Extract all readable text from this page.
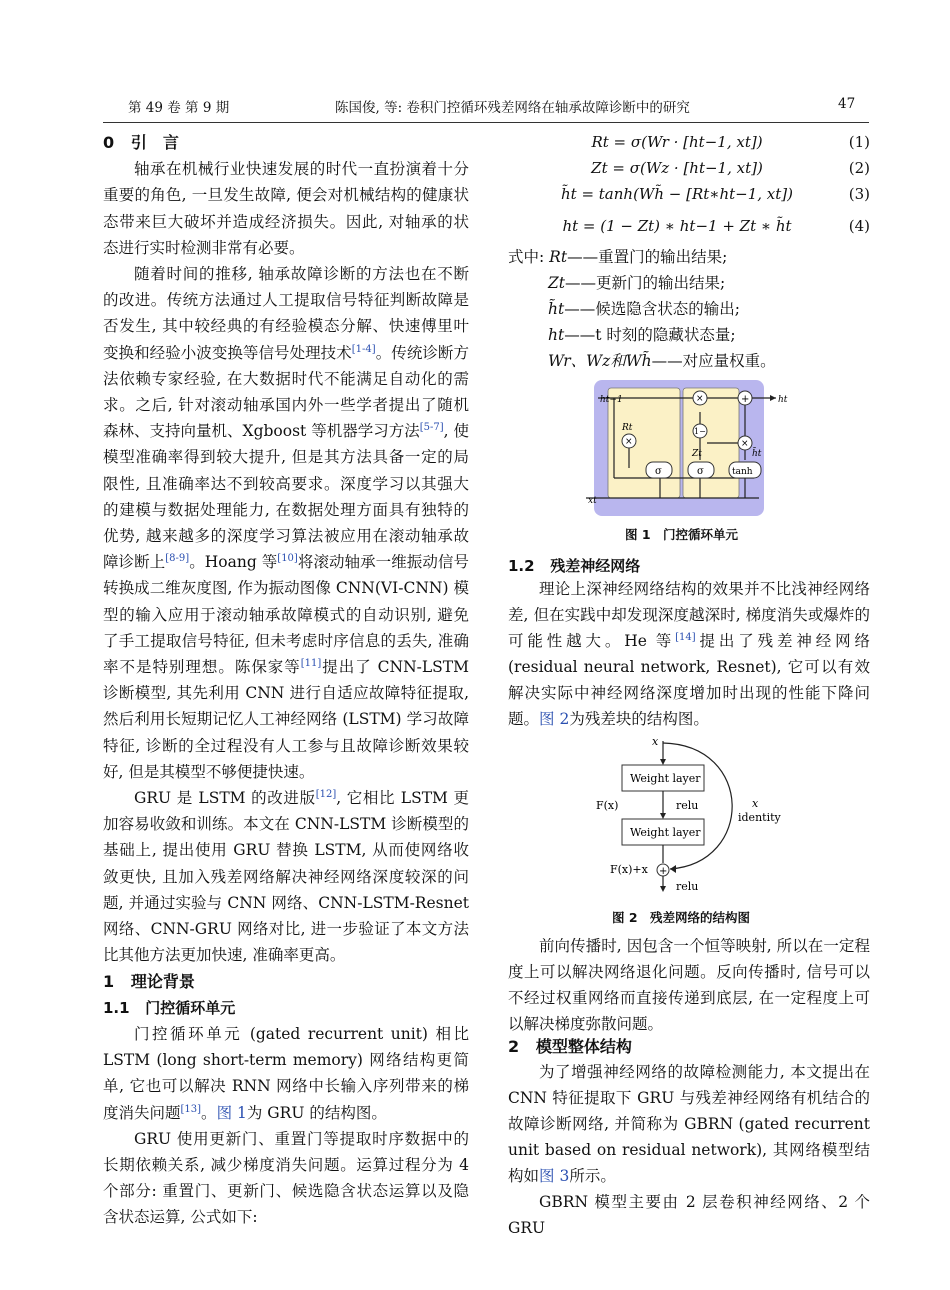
第 49 卷 第 9 期	陈国俊, 等: 卷积门控循环残差网络在轴承故障诊断中的研究	47
0 引　言

轴承在机械行业快速发展的时代一直扮演着十分重要的角色, 一旦发生故障, 便会对机械结构的健康状态带来巨大破坏并造成经济损失。因此, 对轴承的状态进行实时检测非常有必要。

随着时间的推移, 轴承故障诊断的方法也在不断的改进。传统方法通过人工提取信号特征判断故障是否发生, 其中较经典的有经验模态分解、快速傅里叶变换和经验小波变换等信号处理技术[1-4]。传统诊断方法依赖专家经验, 在大数据时代不能满足自动化的需求。之后, 针对滚动轴承国内外一些学者提出了随机森林、支持向量机、Xgboost 等机器学习方法[5-7], 使模型准确率得到较大提升, 但是其方法具备一定的局限性, 且准确率达不到较高要求。深度学习以其强大的建模与数据处理能力, 在数据处理方面具有独特的优势, 越来越多的深度学习算法被应用在滚动轴承故障诊断上[8-9]。Hoang 等[10]将滚动轴承一维振动信号转换成二维灰度图, 作为振动图像 CNN(VI-CNN) 模型的输入应用于滚动轴承故障模式的自动识别, 避免了手工提取信号特征, 但未考虑时序信息的丢失, 准确率不是特别理想。陈保家等[11]提出了 CNN-LSTM 诊断模型, 其先利用 CNN 进行自适应故障特征提取, 然后利用长短期记忆人工神经网络 (LSTM) 学习故障特征, 诊断的全过程没有人工参与且故障诊断效果较好, 但是其模型不够便捷快速。

GRU 是 LSTM 的改进版[12], 它相比 LSTM 更加容易收敛和训练。本文在 CNN-LSTM 诊断模型的基础上, 提出使用 GRU 替换 LSTM, 从而使网络收敛更快, 且加入残差网络解决神经网络深度较深的问题, 并通过实验与 CNN 网络、CNN-LSTM-Resnet 网络、CNN-GRU 网络对比, 进一步验证了本文方法比其他方法更加快速, 准确率更高。

1 理论背景
1.1 门控循环单元

门控循环单元 (gated recurrent unit) 相比 LSTM (long short-term memory) 网络结构更简单, 它也可以解决 RNN 网络中长输入序列带来的梯度消失问题[13]。图 1为 GRU 的结构图。

GRU 使用更新门、重置门等提取时序数据中的长期依赖关系, 减少梯度消失问题。运算过程分为 4 个部分: 重置门、更新门、候选隐含状态运算以及隐含状态运算, 公式如下:

Rt = σ(Wr · [ht−1, xt])	(1)
Zt = σ(Wz · [ht−1, xt])	(2)
h̃t = tanh(Wh̃ − [Rt∗ht−1, xt])	(3)
ht = (1 − Zt) ∗ ht−1 + Zt ∗ h̃t	(4)
式中: Rt——重置门的输出结果;
Zt——更新门的输出结果;
h̃t——候选隐含状态的输出;
ht——t 时刻的隐藏状态量;
Wr、Wz和Wh̃——对应量权重。
ht−1	ht
xt
Rt
Zt	h̃t
σ	σ	tanh
1−
×
×
×
+
图 1　门控循环单元
1.2 残差神经网络

理论上深神经网络结构的效果并不比浅神经网络差, 但在实践中却发现深度越深时, 梯度消失或爆炸的可能性越大。He 等[14]提出了残差神经网络 (residual neural network, Resnet), 它可以有效解决实际中神经网络深度增加时出现的性能下降问题。图 2为残差块的结构图。

x
Weight layer
relu
Weight layer
F(x)
F(x)+x
relu
x
identity
+
图 2　残差网络的结构图

前向传播时, 因包含一个恒等映射, 所以在一定程度上可以解决网络退化问题。反向传播时, 信号可以不经过权重网络而直接传递到底层, 在一定程度上可以解决梯度弥散问题。

2 模型整体结构

为了增强神经网络的故障检测能力, 本文提出在 CNN 特征提取下 GRU 与残差神经网络有机结合的故障诊断网络, 并简称为 GBRN (gated recurrent unit based on residual network), 其网络模型结构如图 3所示。

GBRN 模型主要由 2 层卷积神经网络、2 个 GRU
